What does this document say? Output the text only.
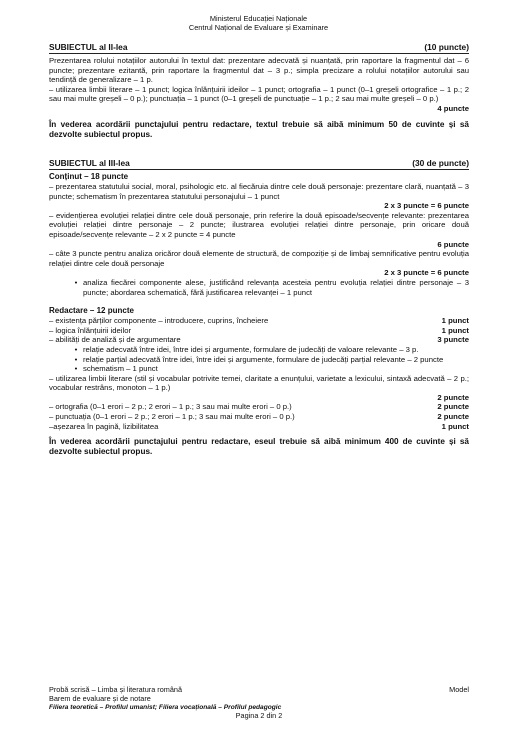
Ministerul Educației Naționale
Centrul Național de Evaluare și Examinare
SUBIECTUL al II-lea	(10 puncte)

Prezentarea rolului notațiilor autorului în textul dat: prezentare adecvată și nuanțată, prin raportare la fragmentul dat – 6 puncte; prezentare ezitantă, prin raportare la fragmentul dat – 3 p.; simpla precizare a rolului notațiilor autorului sau tendință de generalizare – 1 p.

– utilizarea limbii literare – 1 punct; logica înlănțuirii ideilor – 1 punct; ortografia – 1 punct (0–1 greșeli ortografice – 1 p.; 2 sau mai multe greșeli – 0 p.); punctuația – 1 punct (0–1 greșeli de punctuație – 1 p.; 2 sau mai multe greșeli – 0 p.)

4 puncte

În vederea acordării punctajului pentru redactare, textul trebuie să aibă minimum 50 de cuvinte și să dezvolte subiectul propus.

SUBIECTUL al III-lea	(30 de puncte)
Conținut – 18 puncte

– prezentarea statutului social, moral, psihologic etc. al fiecăruia dintre cele două personaje: prezentare clară, nuanțată – 3 puncte; schematism în prezentarea statutului personajului – 1 punct

2 x 3 puncte = 6 puncte

– evidențierea evoluției relației dintre cele două personaje, prin referire la două episoade/secvențe relevante: prezentarea evoluției relației dintre personaje – 2 puncte; ilustrarea evoluției relației dintre personaje, prin oricare două episoade/secvențe relevante – 2 x 2 puncte = 4 puncte

6 puncte

– câte 3 puncte pentru analiza oricăror două elemente de structură, de compoziție și de limbaj semnificative pentru evoluția relației dintre cele două personaje

2 x 3 puncte = 6 puncte
• analiza fiecărei componente alese, justificând relevanța acesteia pentru evoluția relației dintre personaje – 3 puncte; abordarea schematică, fără justificarea relevanței – 1 punct
Redactare – 12 puncte
– existența părților componente – introducere, cuprins, încheiere	1 punct
– logica înlănțuirii ideilor	1 punct
– abilități de analiză și de argumentare	3 puncte
• relație adecvată între idei, între idei și argumente, formulare de judecăți de valoare relevante – 3 p.
• relație parțial adecvată între idei, între idei și argumente, formulare de judecăți parțial relevante – 2 puncte
• schematism – 1 punct

– utilizarea limbii literare (stil și vocabular potrivite temei, claritate a enunțului, varietate a lexicului, sintaxă adecvată – 2 p.; vocabular restrâns, monoton – 1 p.)

2 puncte
– ortografia (0–1 erori – 2 p.; 2 erori – 1 p.; 3 sau mai multe erori – 0 p.)	2 puncte
– punctuația (0–1 erori – 2 p.; 2 erori – 1 p.; 3 sau mai multe erori – 0 p.)	2 puncte
–așezarea în pagină, lizibilitatea	1 punct

În vederea acordării punctajului pentru redactare, eseul trebuie să aibă minimum 400 de cuvinte și să dezvolte subiectul propus.

Probă scrisă – Limba și literatura română	Model
Barem de evaluare și de notare
Filiera teoretică – Profilul umanist; Filiera vocațională – Profilul pedagogic
Pagina 2 din 2
